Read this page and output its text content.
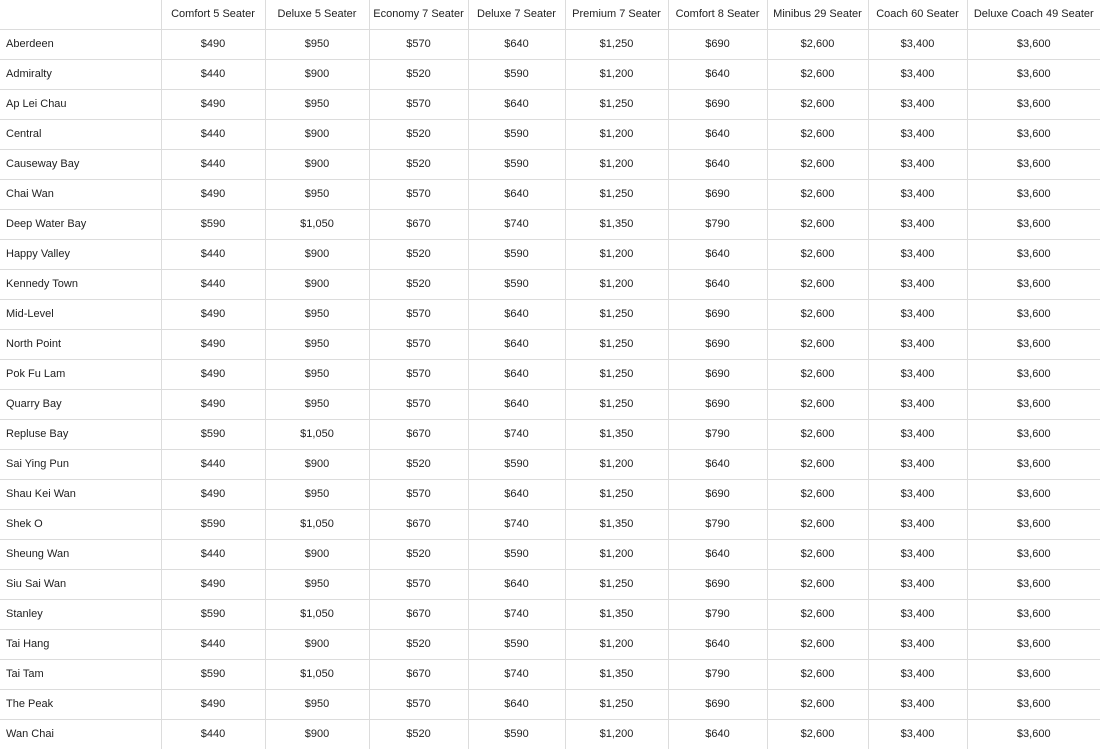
	Comfort 5 Seater	Deluxe 5 Seater	Economy 7 Seater	Deluxe 7 Seater	Premium 7 Seater	Comfort 8 Seater	Minibus 29 Seater	Coach 60 Seater	Deluxe Coach 49 Seater
Aberdeen	$490	$950	$570	$640	$1,250	$690	$2,600	$3,400	$3,600
Admiralty	$440	$900	$520	$590	$1,200	$640	$2,600	$3,400	$3,600
Ap Lei Chau	$490	$950	$570	$640	$1,250	$690	$2,600	$3,400	$3,600
Central	$440	$900	$520	$590	$1,200	$640	$2,600	$3,400	$3,600
Causeway Bay	$440	$900	$520	$590	$1,200	$640	$2,600	$3,400	$3,600
Chai Wan	$490	$950	$570	$640	$1,250	$690	$2,600	$3,400	$3,600
Deep Water Bay	$590	$1,050	$670	$740	$1,350	$790	$2,600	$3,400	$3,600
Happy Valley	$440	$900	$520	$590	$1,200	$640	$2,600	$3,400	$3,600
Kennedy Town	$440	$900	$520	$590	$1,200	$640	$2,600	$3,400	$3,600
Mid-Level	$490	$950	$570	$640	$1,250	$690	$2,600	$3,400	$3,600
North Point	$490	$950	$570	$640	$1,250	$690	$2,600	$3,400	$3,600
Pok Fu Lam	$490	$950	$570	$640	$1,250	$690	$2,600	$3,400	$3,600
Quarry Bay	$490	$950	$570	$640	$1,250	$690	$2,600	$3,400	$3,600
Repluse Bay	$590	$1,050	$670	$740	$1,350	$790	$2,600	$3,400	$3,600
Sai Ying Pun	$440	$900	$520	$590	$1,200	$640	$2,600	$3,400	$3,600
Shau Kei Wan	$490	$950	$570	$640	$1,250	$690	$2,600	$3,400	$3,600
Shek O	$590	$1,050	$670	$740	$1,350	$790	$2,600	$3,400	$3,600
Sheung Wan	$440	$900	$520	$590	$1,200	$640	$2,600	$3,400	$3,600
Siu Sai Wan	$490	$950	$570	$640	$1,250	$690	$2,600	$3,400	$3,600
Stanley	$590	$1,050	$670	$740	$1,350	$790	$2,600	$3,400	$3,600
Tai Hang	$440	$900	$520	$590	$1,200	$640	$2,600	$3,400	$3,600
Tai Tam	$590	$1,050	$670	$740	$1,350	$790	$2,600	$3,400	$3,600
The Peak	$490	$950	$570	$640	$1,250	$690	$2,600	$3,400	$3,600
Wan Chai	$440	$900	$520	$590	$1,200	$640	$2,600	$3,400	$3,600
